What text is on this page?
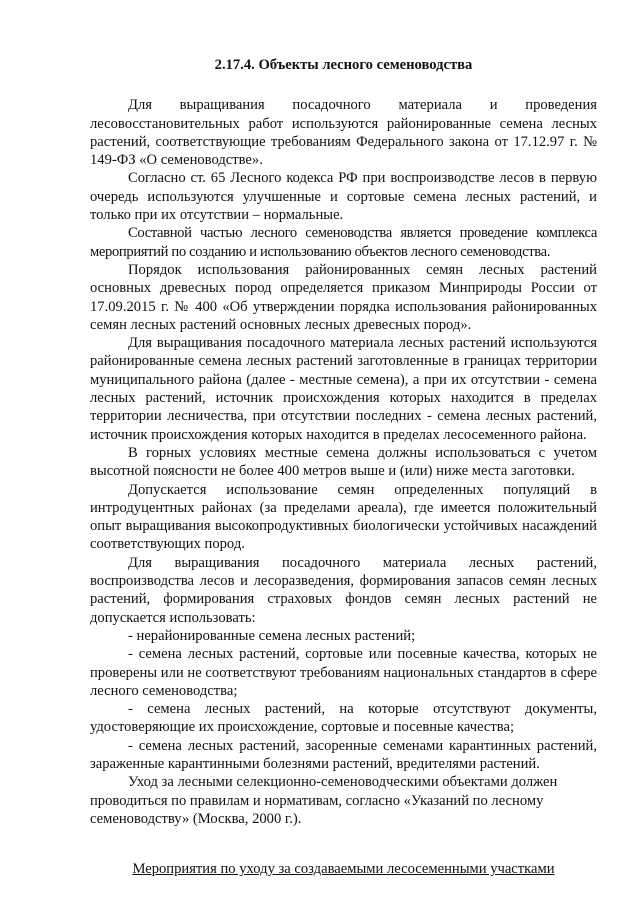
2.17.4. Объекты лесного семеноводства

Для выращивания посадочного материала и проведения лесовосстановительных работ используются районированные семена лесных растений, соответствующие требованиям Федерального закона от 17.12.97 г. № 149-ФЗ «О семеноводстве».

Согласно ст. 65 Лесного кодекса РФ при воспроизводстве лесов в первую очередь используются улучшенные и сортовые семена лесных растений, и только при их отсутствии – нормальные.

Составной частью лесного семеноводства является проведение комплекса мероприятий по созданию и использованию объектов лесного семеноводства.

Порядок использования районированных семян лесных растений основных древесных пород определяется приказом Минприроды России от 17.09.2015 г. № 400 «Об утверждении порядка использования районированных семян лесных растений основных лесных древесных пород».

Для выращивания посадочного материала лесных растений используются районированные семена лесных растений заготовленные в границах территории муниципального района (далее - местные семена), а при их отсутствии - семена лесных растений, источник происхождения которых находится в пределах территории лесничества, при отсутствии последних - семена лесных растений, источник происхождения которых находится в пределах лесосеменного района.

В горных условиях местные семена должны использоваться с учетом высотной поясности не более 400 метров выше и (или) ниже места заготовки.

Допускается использование семян определенных популяций в интродуцентных районах (за пределами ареала), где имеется положительный опыт выращивания высокопродуктивных биологически устойчивых насаждений соответствующих пород.

Для выращивания посадочного материала лесных растений, воспроизводства лесов и лесоразведения, формирования запасов семян лесных растений, формирования страховых фондов семян лесных растений не допускается использовать:

- нерайонированные семена лесных растений;

- семена лесных растений, сортовые или посевные качества, которых не проверены или не соответствуют требованиям национальных стандартов в сфере лесного семеноводства;

- семена лесных растений, на которые отсутствуют документы, удостоверяющие их происхождение, сортовые и посевные качества;

- семена лесных растений, засоренные семенами карантинных растений, зараженные карантинными болезнями растений, вредителями растений.

Уход за лесными селекционно-семеноводческими объектами должен проводиться по правилам и нормативам, согласно «Указаний по лесному семеноводству» (Москва, 2000 г.).

Мероприятия по уходу за создаваемыми лесосеменными участками
